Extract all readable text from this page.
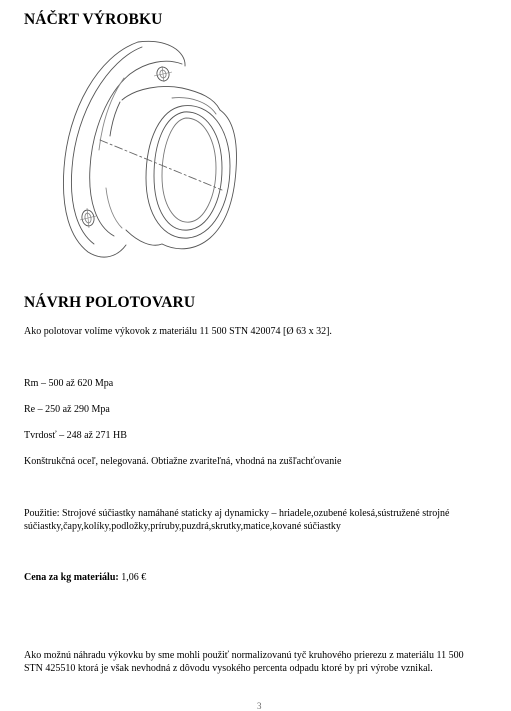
NÁČRT VÝROBKU
NÁVRH POLOTOVARU
Ako polotovar volíme výkovok z materiálu 11 500 STN 420074 [Ø 63 x 32].
Rm – 500 až 620 Mpa
Re – 250 až 290 Mpa
Tvrdosť – 248 až 271 HB
Konštrukčná oceľ, nelegovaná. Obtiažne zvariteľná, vhodná na zušľachťovanie
Použitie: Strojové súčiastky namáhané staticky aj dynamicky – hriadele,ozubené kolesá,sústružené strojné súčiastky,čapy,kolíky,podložky,príruby,puzdrá,skrutky,matice,kované súčiastky
Cena za kg materiálu: 1,06 €
Ako možnú náhradu výkovku by sme mohli použiť normalizovanú tyč kruhového prierezu z materiálu 11 500 STN 425510 ktorá je však nevhodná z dôvodu vysokého percenta odpadu ktoré by pri výrobe vznikal.
3
